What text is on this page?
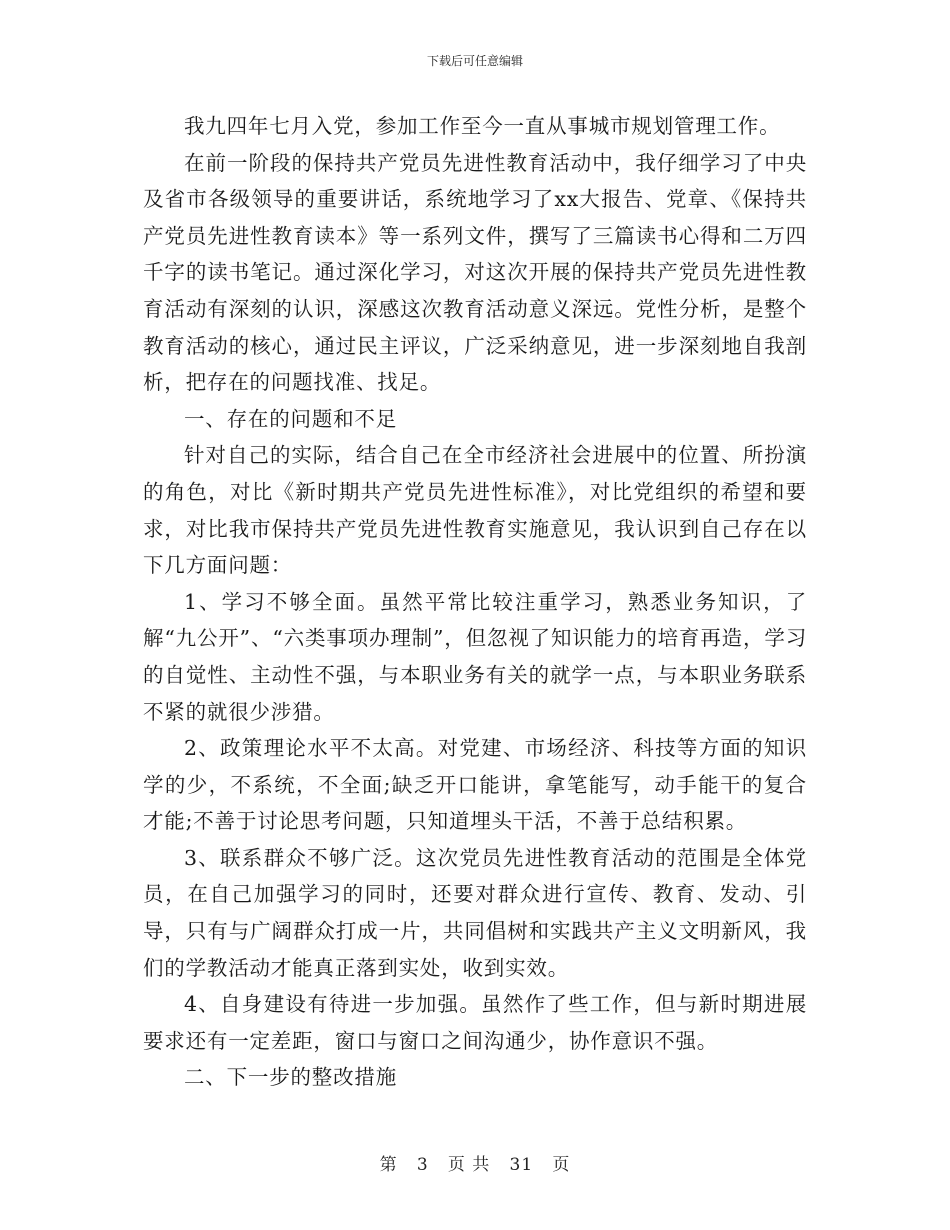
下载后可任意编辑

我九四年七月入党，参加工作至今一直从事城市规划管理工作。

在前一阶段的保持共产党员先进性教育活动中，我仔细学习了中央及省市各级领导的重要讲话，系统地学习了xx大报告、党章、《保持共产党员先进性教育读本》等一系列文件，撰写了三篇读书心得和二万四千字的读书笔记。通过深化学习，对这次开展的保持共产党员先进性教育活动有深刻的认识，深感这次教育活动意义深远。党性分析，是整个教育活动的核心，通过民主评议，广泛采纳意见，进一步深刻地自我剖析，把存在的问题找准、找足。

一、存在的问题和不足

针对自己的实际，结合自己在全市经济社会进展中的位置、所扮演的角色，对比《新时期共产党员先进性标准》，对比党组织的希望和要求，对比我市保持共产党员先进性教育实施意见，我认识到自己存在以下几方面问题：

1、学习不够全面。虽然平常比较注重学习，熟悉业务知识，了解“九公开”、“六类事项办理制”，但忽视了知识能力的培育再造，学习的自觉性、主动性不强，与本职业务有关的就学一点，与本职业务联系不紧的就很少涉猎。

2、政策理论水平不太高。对党建、市场经济、科技等方面的知识学的少，不系统，不全面;缺乏开口能讲，拿笔能写，动手能干的复合才能;不善于讨论思考问题，只知道埋头干活，不善于总结积累。

3、联系群众不够广泛。这次党员先进性教育活动的范围是全体党员，在自己加强学习的同时，还要对群众进行宣传、教育、发动、引导，只有与广阔群众打成一片，共同倡树和实践共产主义文明新风，我们的学教活动才能真正落到实处，收到实效。

4、自身建设有待进一步加强。虽然作了些工作，但与新时期进展要求还有一定差距，窗口与窗口之间沟通少，协作意识不强。

二、下一步的整改措施

第 3 页 共 31 页
